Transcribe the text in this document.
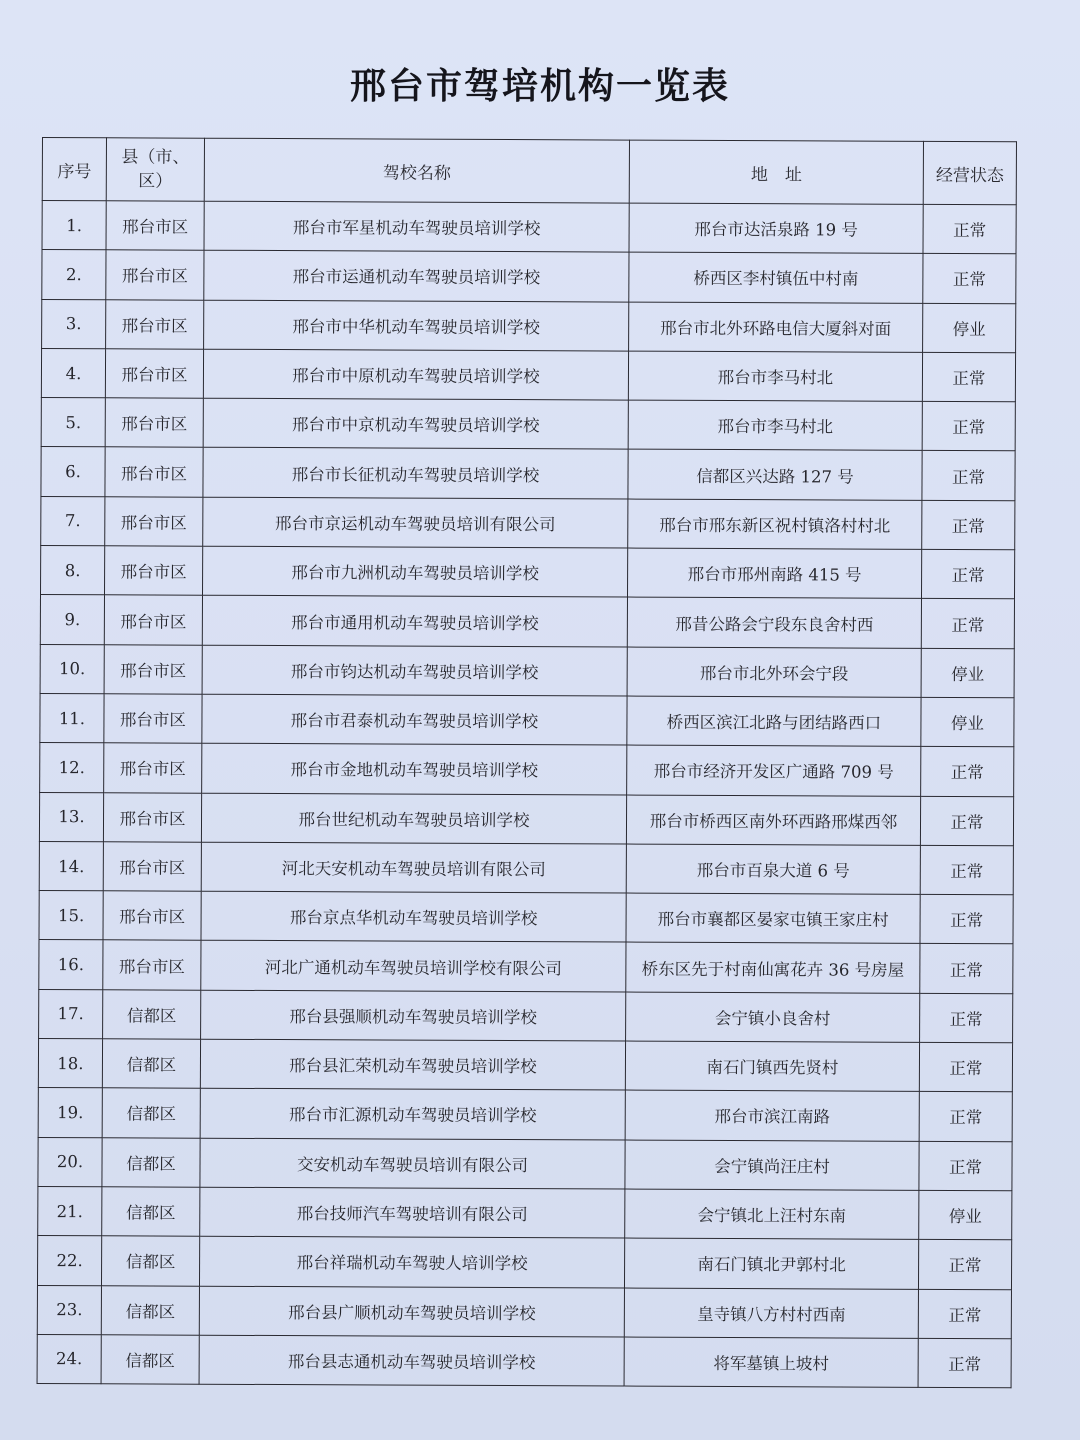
邢台市驾培机构一览表
序号	县（市、区）	驾校名称	地　址	经营状态
1.	邢台市区	邢台市军星机动车驾驶员培训学校	邢台市达活泉路 19 号	正常
2.	邢台市区	邢台市运通机动车驾驶员培训学校	桥西区李村镇伍中村南	正常
3.	邢台市区	邢台市中华机动车驾驶员培训学校	邢台市北外环路电信大厦斜对面	停业
4.	邢台市区	邢台市中原机动车驾驶员培训学校	邢台市李马村北	正常
5.	邢台市区	邢台市中京机动车驾驶员培训学校	邢台市李马村北	正常
6.	邢台市区	邢台市长征机动车驾驶员培训学校	信都区兴达路 127 号	正常
7.	邢台市区	邢台市京运机动车驾驶员培训有限公司	邢台市邢东新区祝村镇洛村村北	正常
8.	邢台市区	邢台市九洲机动车驾驶员培训学校	邢台市邢州南路 415 号	正常
9.	邢台市区	邢台市通用机动车驾驶员培训学校	邢昔公路会宁段东良舍村西	正常
10.	邢台市区	邢台市钧达机动车驾驶员培训学校	邢台市北外环会宁段	停业
11.	邢台市区	邢台市君泰机动车驾驶员培训学校	桥西区滨江北路与团结路西口	停业
12.	邢台市区	邢台市金地机动车驾驶员培训学校	邢台市经济开发区广通路 709 号	正常
13.	邢台市区	邢台世纪机动车驾驶员培训学校	邢台市桥西区南外环西路邢煤西邻	正常
14.	邢台市区	河北天安机动车驾驶员培训有限公司	邢台市百泉大道 6 号	正常
15.	邢台市区	邢台京点华机动车驾驶员培训学校	邢台市襄都区晏家屯镇王家庄村	正常
16.	邢台市区	河北广通机动车驾驶员培训学校有限公司	桥东区先于村南仙寓花卉 36 号房屋	正常
17.	信都区	邢台县强顺机动车驾驶员培训学校	会宁镇小良舍村	正常
18.	信都区	邢台县汇荣机动车驾驶员培训学校	南石门镇西先贤村	正常
19.	信都区	邢台市汇源机动车驾驶员培训学校	邢台市滨江南路	正常
20.	信都区	交安机动车驾驶员培训有限公司	会宁镇尚汪庄村	正常
21.	信都区	邢台技师汽车驾驶培训有限公司	会宁镇北上汪村东南	停业
22.	信都区	邢台祥瑞机动车驾驶人培训学校	南石门镇北尹郭村北	正常
23.	信都区	邢台县广顺机动车驾驶员培训学校	皇寺镇八方村村西南	正常
24.	信都区	邢台县志通机动车驾驶员培训学校	将军墓镇上坡村	正常
